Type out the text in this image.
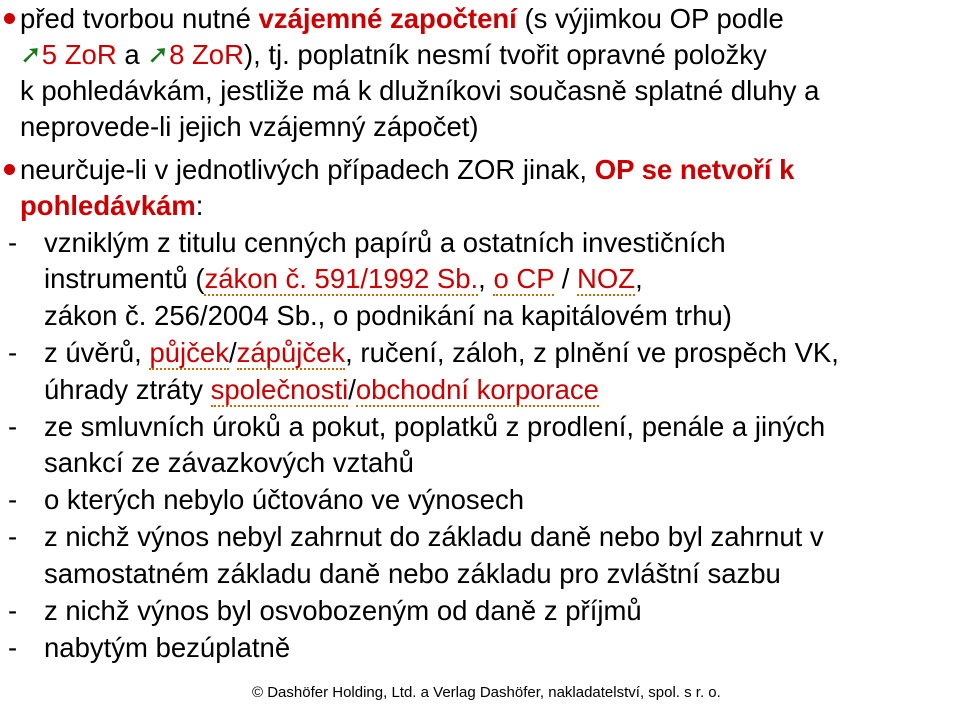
před tvorbou nutné vzájemné započtení (s výjimkou OP podle
➚5 ZoR a ➚8 ZoR), tj. poplatník nesmí tvořit opravné položky
k pohledávkám, jestliže má k dlužníkovi současně splatné dluhy a
neprovede-li jejich vzájemný zápočet)
neurčuje-li v jednotlivých případech ZOR jinak, OP se netvoří k
pohledávkám:
- vzniklým z titulu cenných papírů a ostatních investičních
instrumentů (zákon č. 591/1992 Sb., o CP / NOZ,
zákon č. 256/2004 Sb., o podnikání na kapitálovém trhu)
- z úvěrů, půjček/zápůjček, ručení, záloh, z plnění ve prospěch VK,
úhrady ztráty společnosti/obchodní korporace
- ze smluvních úroků a pokut, poplatků z prodlení, penále a jiných
sankcí ze závazkových vztahů
- o kterých nebylo účtováno ve výnosech
- z nichž výnos nebyl zahrnut do základu daně nebo byl zahrnut v
samostatném základu daně nebo základu pro zvláštní sazbu
- z nichž výnos byl osvobozeným od daně z příjmů
- nabytým bezúplatně
© Dashöfer Holding, Ltd. a Verlag Dashöfer, nakladatelství, spol. s r. o.
